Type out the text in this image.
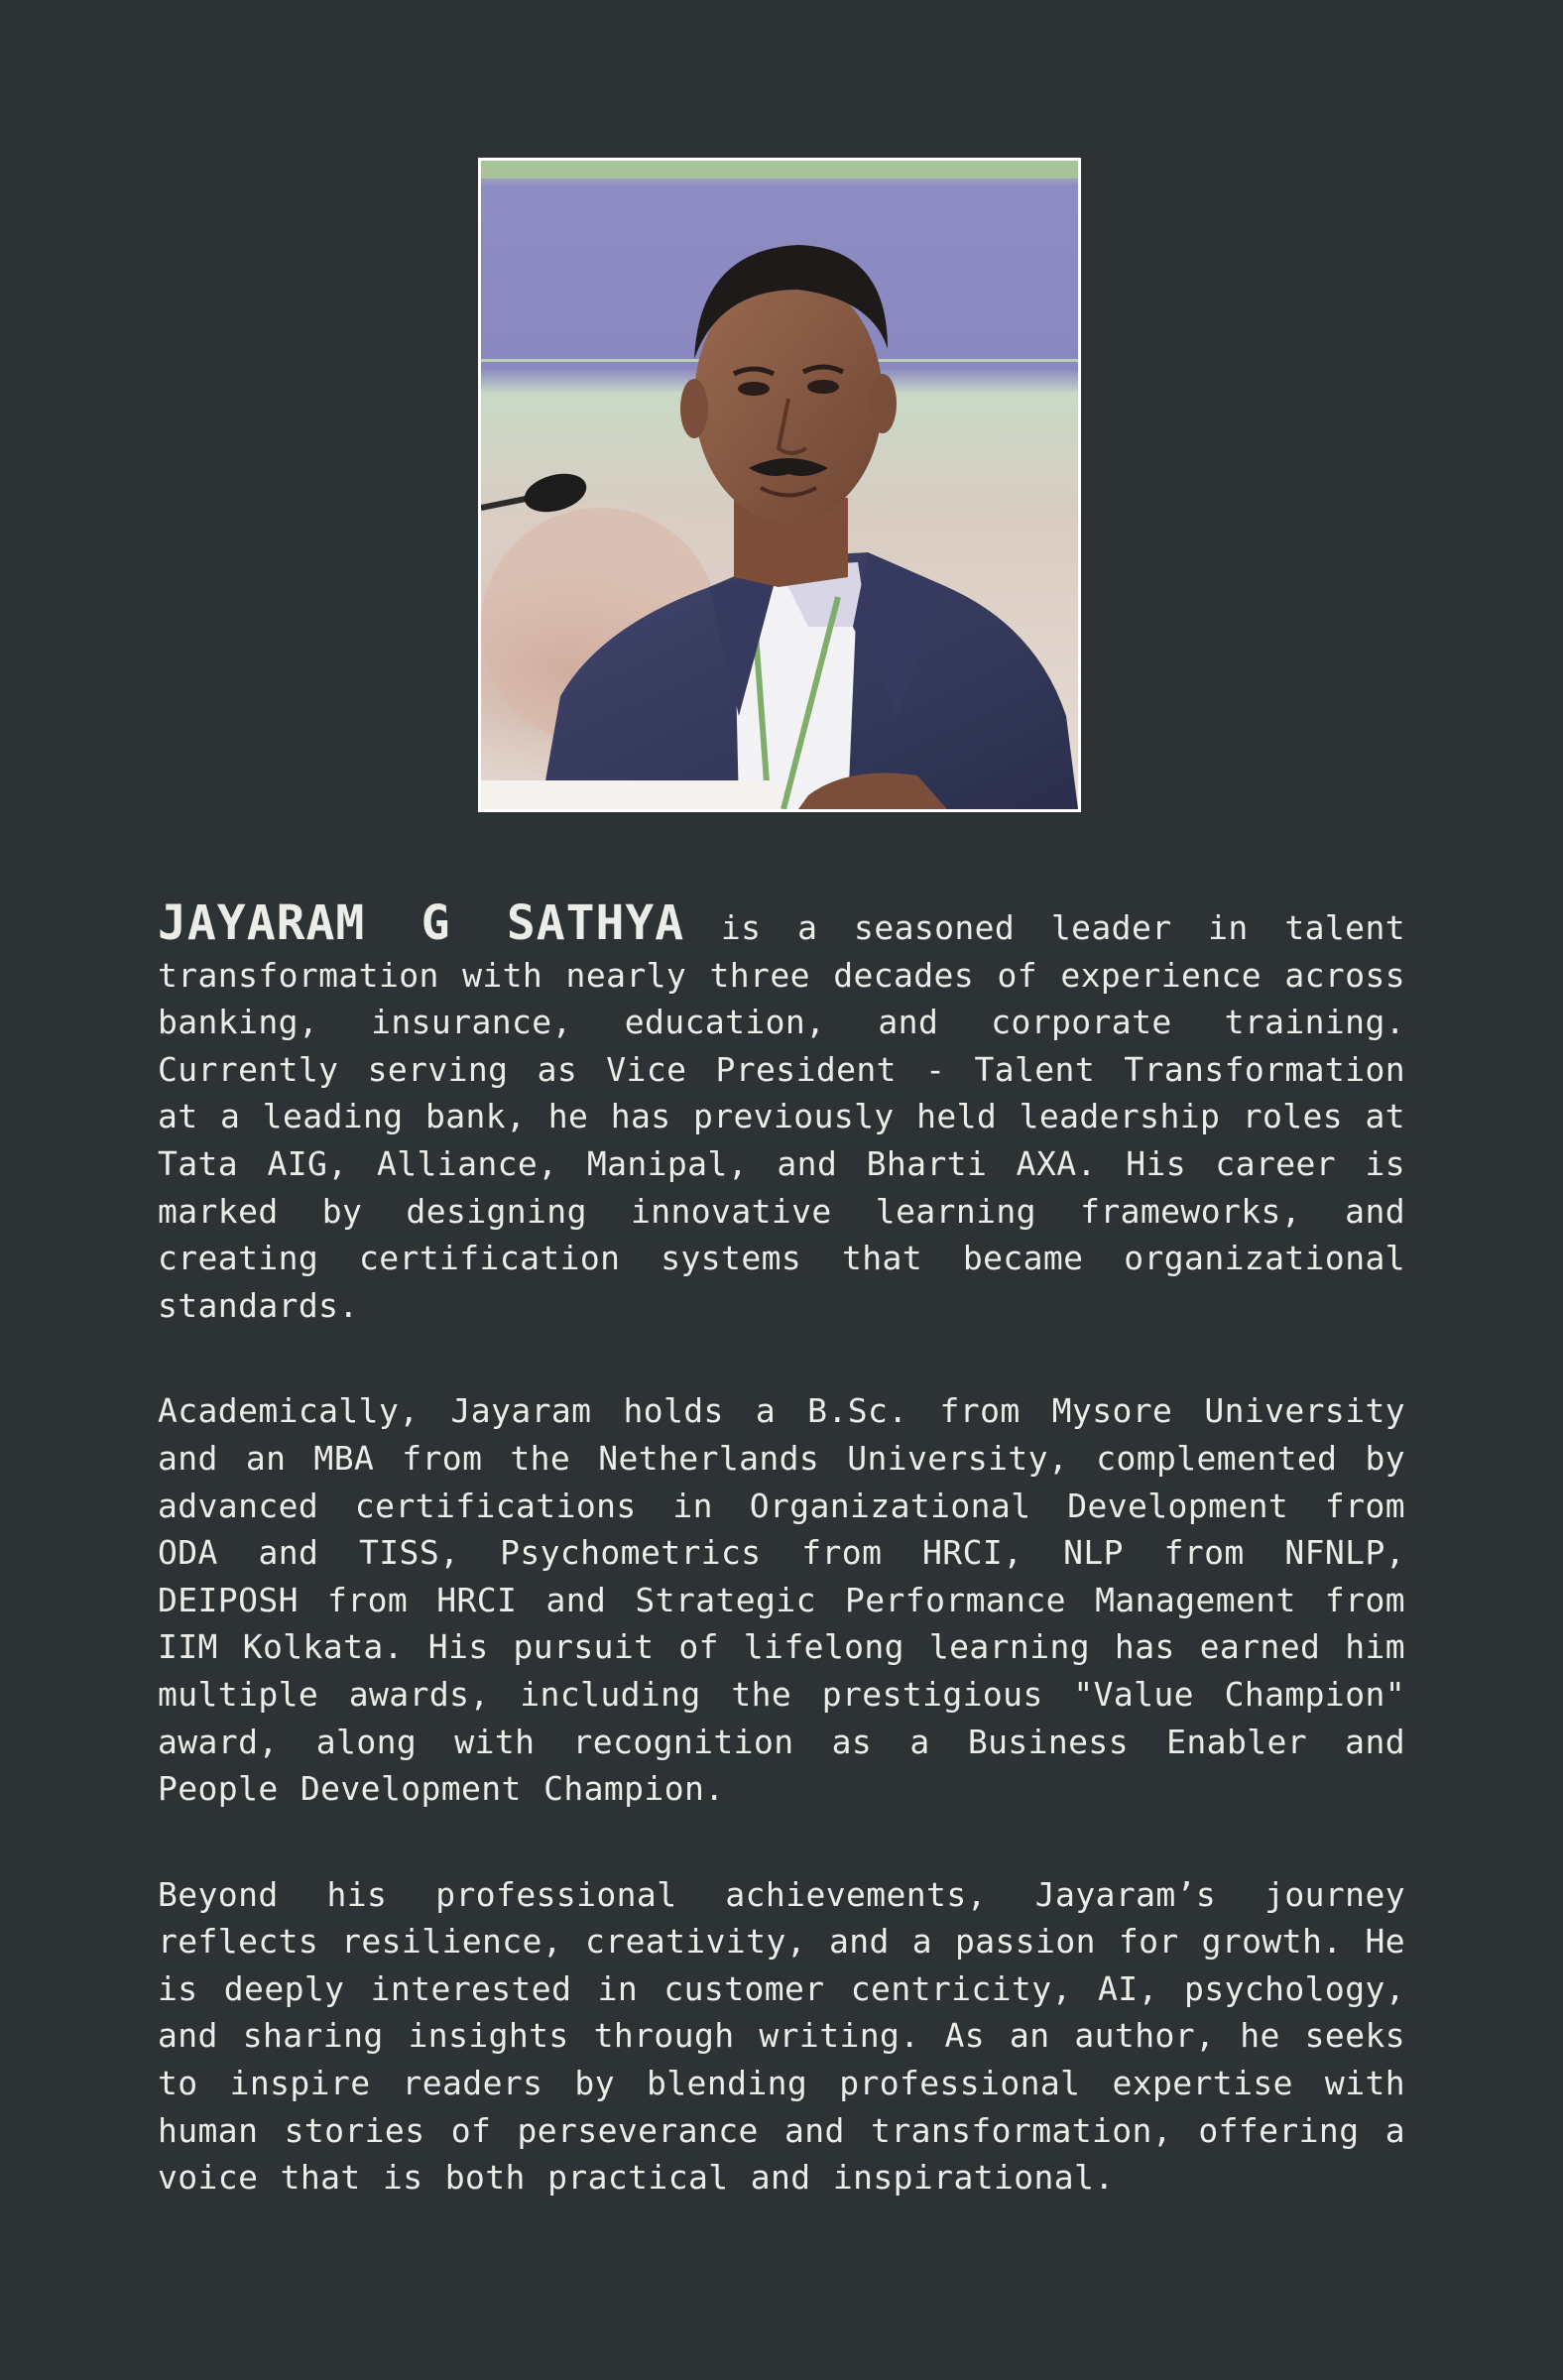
JAYARAM G SATHYA is a seasoned leader in talent transformation with nearly three decades of experience across banking, insurance, education, and corporate training. Currently serving as Vice President - Talent Transformation at a leading bank, he has previously held leadership roles at Tata AIG, Alliance, Manipal, and Bharti AXA. His career is marked by designing innovative learning frameworks, and creating certification systems that became organizational standards.

Academically, Jayaram holds a B.Sc. from Mysore University and an MBA from the Netherlands University, complemented by advanced certifications in Organizational Development from ODA and TISS, Psychometrics from HRCI, NLP from NFNLP, DEIPOSH from HRCI and Strategic Performance Management from IIM Kolkata. His pursuit of lifelong learning has earned him multiple awards, including the prestigious "Value Champion" award, along with recognition as a Business Enabler and People Development Champion.

Beyond his professional achievements, Jayaram’s journey reflects resilience, creativity, and a passion for growth. He is deeply interested in customer centricity, AI, psychology, and sharing insights through writing. As an author, he seeks to inspire readers by blending professional expertise with human stories of perseverance and transformation, offering a voice that is both practical and inspirational.
